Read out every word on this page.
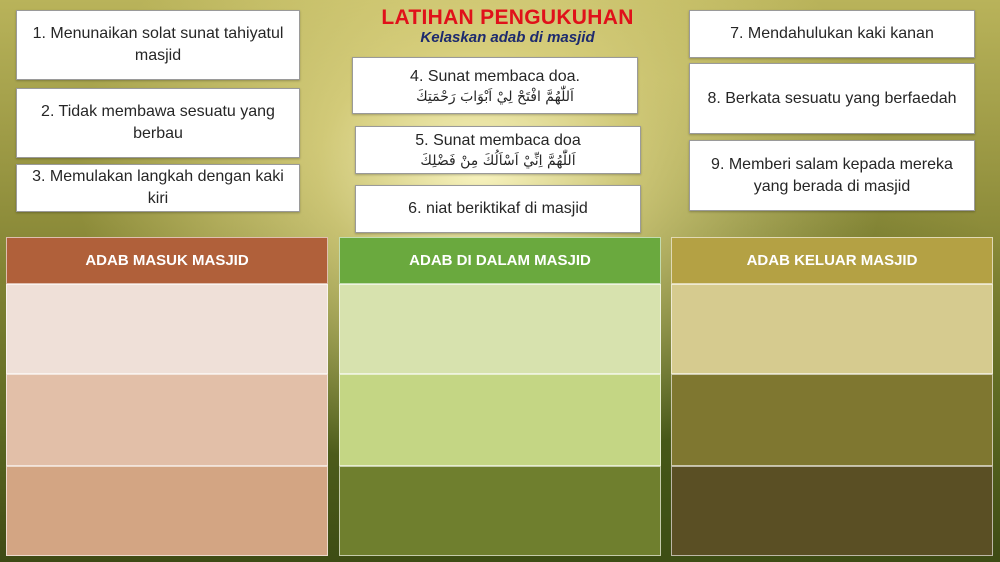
LATIHAN PENGUKUHAN
Kelaskan adab di masjid
1. Menunaikan solat sunat tahiyatul masjid
2. Tidak membawa sesuatu yang berbau
3. Memulakan langkah dengan kaki kiri
4. Sunat membaca doa.
اَللّٰهُمَّ افْتَحْ لِيْ اَبْوَابَ رَحْمَتِكَ
5. Sunat membaca doa
اَللّٰهُمَّ اِنِّيْ اَسْاَلُكَ مِنْ فَضْلِكَ
6. niat beriktikaf di masjid
7. Mendahulukan kaki kanan
8. Berkata sesuatu yang berfaedah
9. Memberi salam kepada mereka yang berada di masjid
ADAB MASUK MASJID	ADAB DI DALAM MASJID	ADAB KELUAR MASJID
